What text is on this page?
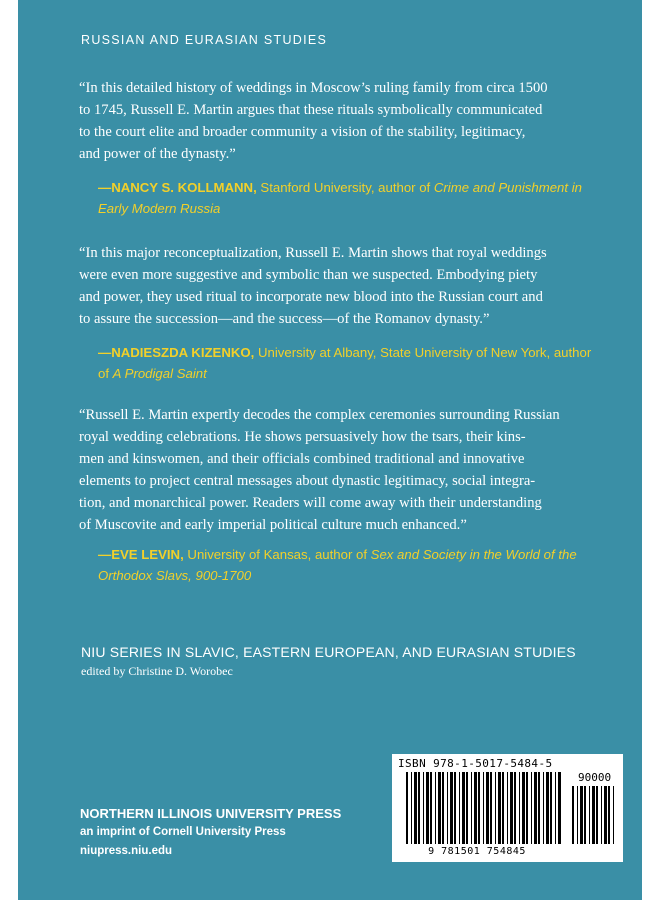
RUSSIAN AND EURASIAN STUDIES
“In this detailed history of weddings in Moscow’s ruling family from circa 1500
to 1745, Russell E. Martin argues that these rituals symbolically communicated
to the court elite and broader community a vision of the stability, legitimacy,
and power of the dynasty.”
—NANCY S. KOLLMANN, Stanford University, author of Crime and Punishment in Early Modern Russia
“In this major reconceptualization, Russell E. Martin shows that royal weddings
were even more suggestive and symbolic than we suspected. Embodying piety
and power, they used ritual to incorporate new blood into the Russian court and
to assure the succession—and the success—of the Romanov dynasty.”
—NADIESZDA KIZENKO, University at Albany, State University of New York, author of A Prodigal Saint
“Russell E. Martin expertly decodes the complex ceremonies surrounding Russian
royal wedding celebrations. He shows persuasively how the tsars, their kins-
men and kinswomen, and their officials combined traditional and innovative
elements to project central messages about dynastic legitimacy, social integra-
tion, and monarchical power. Readers will come away with their understanding
of Muscovite and early imperial political culture much enhanced.”
—EVE LEVIN, University of Kansas, author of Sex and Society in the World of the Orthodox Slavs, 900-1700
NIU SERIES IN SLAVIC, EASTERN EUROPEAN, AND EURASIAN STUDIES
edited by Christine D. Worobec
NORTHERN ILLINOIS UNIVERSITY PRESS
an imprint of Cornell University Press
niupress.niu.edu
ISBN 978-1-5017-5484-5
90000
9 781501 754845
